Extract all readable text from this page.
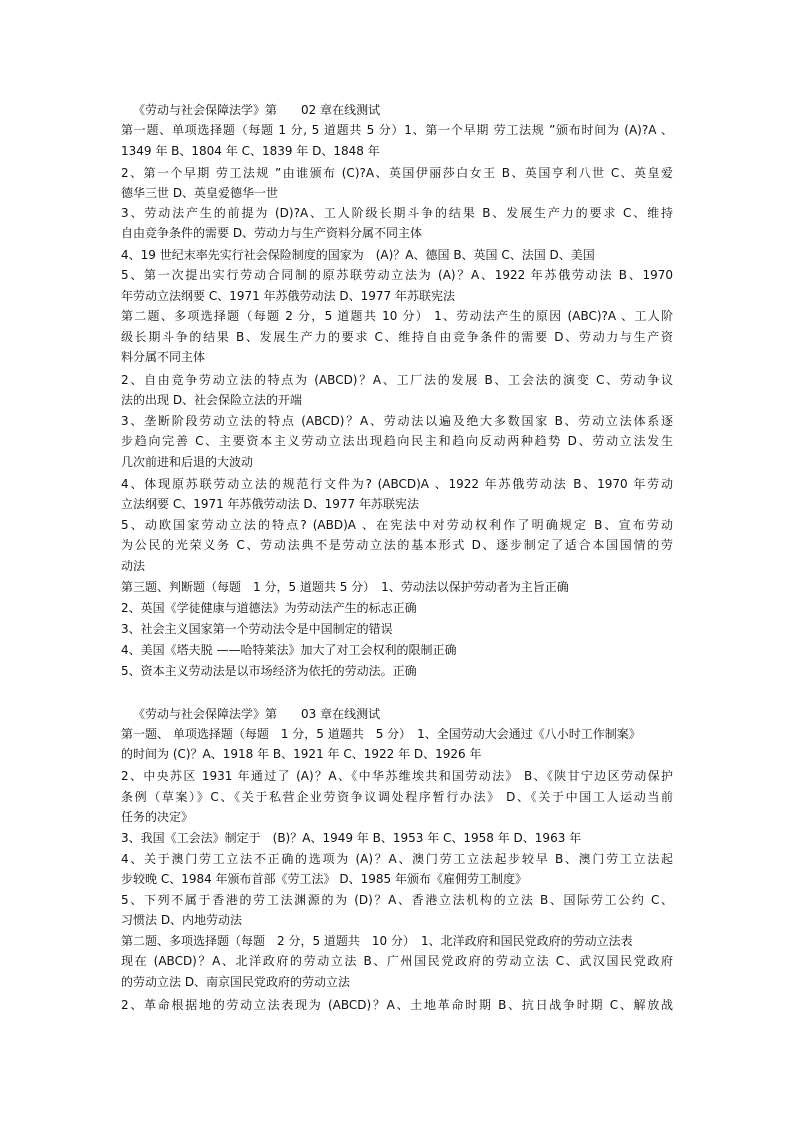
《劳动与社会保障法学》第　　02 章在线测试
第一题、单项选择题（每题 1 分, 5 道题共 5 分）1、第一个早期 劳工法规 ”颁布时间为 (A)?A 、
1349 年 B、1804 年 C、1839 年 D、1848 年
2、第一个早期 劳工法规 ”由谁颁布 (C)?A、英国伊丽莎白女王 B、英国亨利八世 C、英皇爱
德华三世 D、英皇爱德华一世
3、劳动法产生的前提为 (D)?A、工人阶级长期斗争的结果 B、发展生产力的要求 C、维持
自由竞争条件的需要 D、劳动力与生产资料分属不同主体
4、19 世纪末率先实行社会保险制度的国家为　(A)？A、德国 B、英国 C、法国 D、美国
5、第一次提出实行劳动合同制的原苏联劳动立法为 (A)？A、1922 年苏俄劳动法 B、1970
年劳动立法纲要 C、1971 年苏俄劳动法 D、1977 年苏联宪法
第二题、多项选择题（每题 2 分，5 道题共 10 分） 1、劳动法产生的原因 (ABC)?A 、工人阶
级长期斗争的结果 B、发展生产力的要求 C、维持自由竞争条件的需要 D、劳动力与生产资
料分属不同主体
2、自由竞争劳动立法的特点为 (ABCD)？A、工厂法的发展 B、工会法的演变 C、劳动争议
法的出现 D、社会保险立法的开端
3、垄断阶段劳动立法的特点 (ABCD)？A、劳动法以遍及绝大多数国家 B、劳动立法体系逐
步趋向完善 C、主要资本主义劳动立法出现趋向民主和趋向反动两种趋势 D、劳动立法发生
几次前进和后退的大波动
4、体现原苏联劳动立法的规范行文件为? (ABCD)A 、1922 年苏俄劳动法 B、1970 年劳动
立法纲要 C、1971 年苏俄劳动法 D、1977 年苏联宪法
5、动欧国家劳动立法的特点? (ABD)A 、在宪法中对劳动权利作了明确规定 B、宣布劳动
为公民的光荣义务 C、劳动法典不是劳动立法的基本形式 D、逐步制定了适合本国国情的劳
动法
第三题、判断题（每题　1 分，5 道题共 5 分）　1、劳动法以保护劳动者为主旨正确
2、英国《学徒健康与道德法》为劳动法产生的标志正确
3、社会主义国家第一个劳动法令是中国制定的错误
4、美国《塔夫脱 ——哈特莱法》加大了对工会权利的限制正确
5、资本主义劳动法是以市场经济为依托的劳动法。正确
《劳动与社会保障法学》第　　03 章在线测试
第一题、 单项选择题（每题　1 分，5 道题共　5 分）　1、全国劳动大会通过《八小时工作制案》
的时间为 (C)？A、1918 年 B、1921 年 C、1922 年 D、1926 年
2、中央苏区 1931 年通过了 (A)？A、《中华苏维埃共和国劳动法》 B、《陕甘宁边区劳动保护
条例（草案）》C、《关于私营企业劳资争议调处程序暂行办法》 D、《关于中国工人运动当前
任务的决定》
3、我国《工会法》制定于　(B)？A、1949 年 B、1953 年 C、1958 年 D、1963 年
4、关于澳门劳工立法不正确的选项为 (A)？A、澳门劳工立法起步较早 B、澳门劳工立法起
步较晚 C、1984 年颁布首部《劳工法》 D、1985 年颁布《雇佣劳工制度》
5、下列不属于香港的劳工法渊源的为 (D)？A、香港立法机构的立法 B、国际劳工公约 C、
习惯法 D、内地劳动法
第二题、多项选择题（每题　2 分，5 道题共　10 分）　1、北洋政府和国民党政府的劳动立法表
现在 (ABCD)？A、北洋政府的劳动立法 B、广州国民党政府的劳动立法 C、武汉国民党政府
的劳动立法 D、南京国民党政府的劳动立法
2、革命根据地的劳动立法表现为 (ABCD)？A、土地革命时期 B、抗日战争时期 C、解放战
